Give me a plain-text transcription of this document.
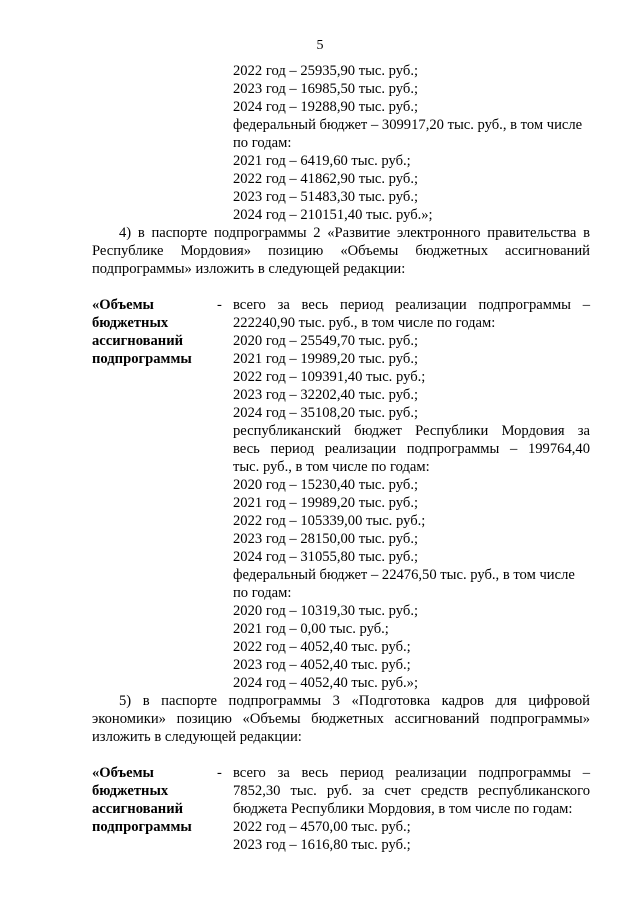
5
2022 год – 25935,90 тыс. руб.;
2023 год – 16985,50 тыс. руб.;
2024 год – 19288,90 тыс. руб.;
федеральный бюджет – 309917,20 тыс. руб., в том числе
по годам:
2021 год – 6419,60 тыс. руб.;
2022 год – 41862,90 тыс. руб.;
2023 год – 51483,30 тыс. руб.;
2024 год – 210151,40 тыс. руб.»;
4) в паспорте подпрограммы 2 «Развитие электронного правительства в
Республике Мордовия» позицию «Объемы бюджетных ассигнований
подпрограммы» изложить в следующей редакции:
«Объемы
бюджетных
ассигнований
подпрограммы
- всего за весь период реализации подпрограммы –
222240,90 тыс. руб., в том числе по годам:
2020 год – 25549,70 тыс. руб.;
2021 год – 19989,20 тыс. руб.;
2022 год – 109391,40 тыс. руб.;
2023 год – 32202,40 тыс. руб.;
2024 год – 35108,20 тыс. руб.;
республиканский бюджет Республики Мордовия за
весь период реализации подпрограммы – 199764,40
тыс. руб., в том числе по годам:
2020 год – 15230,40 тыс. руб.;
2021 год – 19989,20 тыс. руб.;
2022 год – 105339,00 тыс. руб.;
2023 год – 28150,00 тыс. руб.;
2024 год – 31055,80 тыс. руб.;
федеральный бюджет – 22476,50 тыс. руб., в том числе
по годам:
2020 год – 10319,30 тыс. руб.;
2021 год – 0,00 тыс. руб.;
2022 год – 4052,40 тыс. руб.;
2023 год – 4052,40 тыс. руб.;
2024 год – 4052,40 тыс. руб.»;
5) в паспорте подпрограммы 3 «Подготовка кадров для цифровой
экономики» позицию «Объемы бюджетных ассигнований подпрограммы»
изложить в следующей редакции:
«Объемы
бюджетных
ассигнований
подпрограммы
- всего за весь период реализации подпрограммы –
7852,30 тыс. руб. за счет средств республиканского
бюджета Республики Мордовия, в том числе по годам:
2022 год – 4570,00 тыс. руб.;
2023 год – 1616,80 тыс. руб.;
